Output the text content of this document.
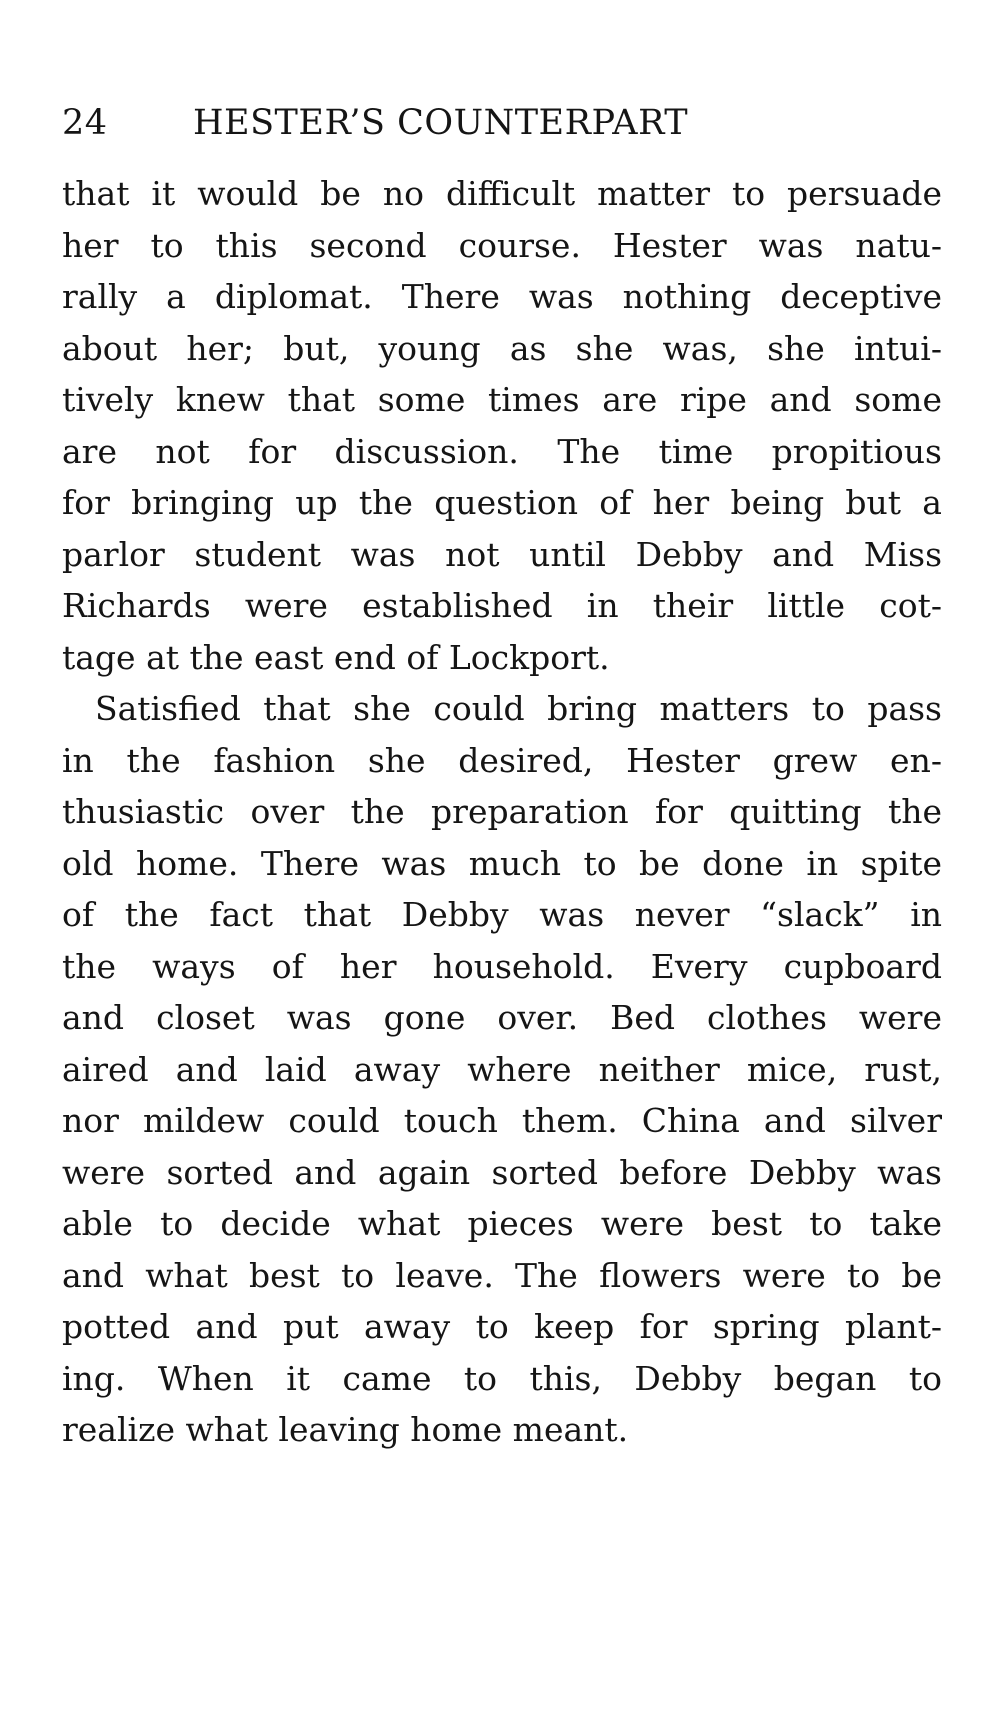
24 HESTER’S COUNTERPART
that it would be no difficult matter to persuade
her to this second course. Hester was natu-
rally a diplomat. There was nothing deceptive
about her; but, young as she was, she intui-
tively knew that some times are ripe and some
are not for discussion. The time propitious
for bringing up the question of her being but a
parlor student was not until Debby and Miss
Richards were established in their little cot-
tage at the east end of Lockport.
Satisfied that she could bring matters to pass
in the fashion she desired, Hester grew en-
thusiastic over the preparation for quitting the
old home. There was much to be done in spite
of the fact that Debby was never “slack” in
the ways of her household. Every cupboard
and closet was gone over. Bed clothes were
aired and laid away where neither mice, rust,
nor mildew could touch them. China and silver
were sorted and again sorted before Debby was
able to decide what pieces were best to take
and what best to leave. The flowers were to be
potted and put away to keep for spring plant-
ing. When it came to this, Debby began to
realize what leaving home meant.
